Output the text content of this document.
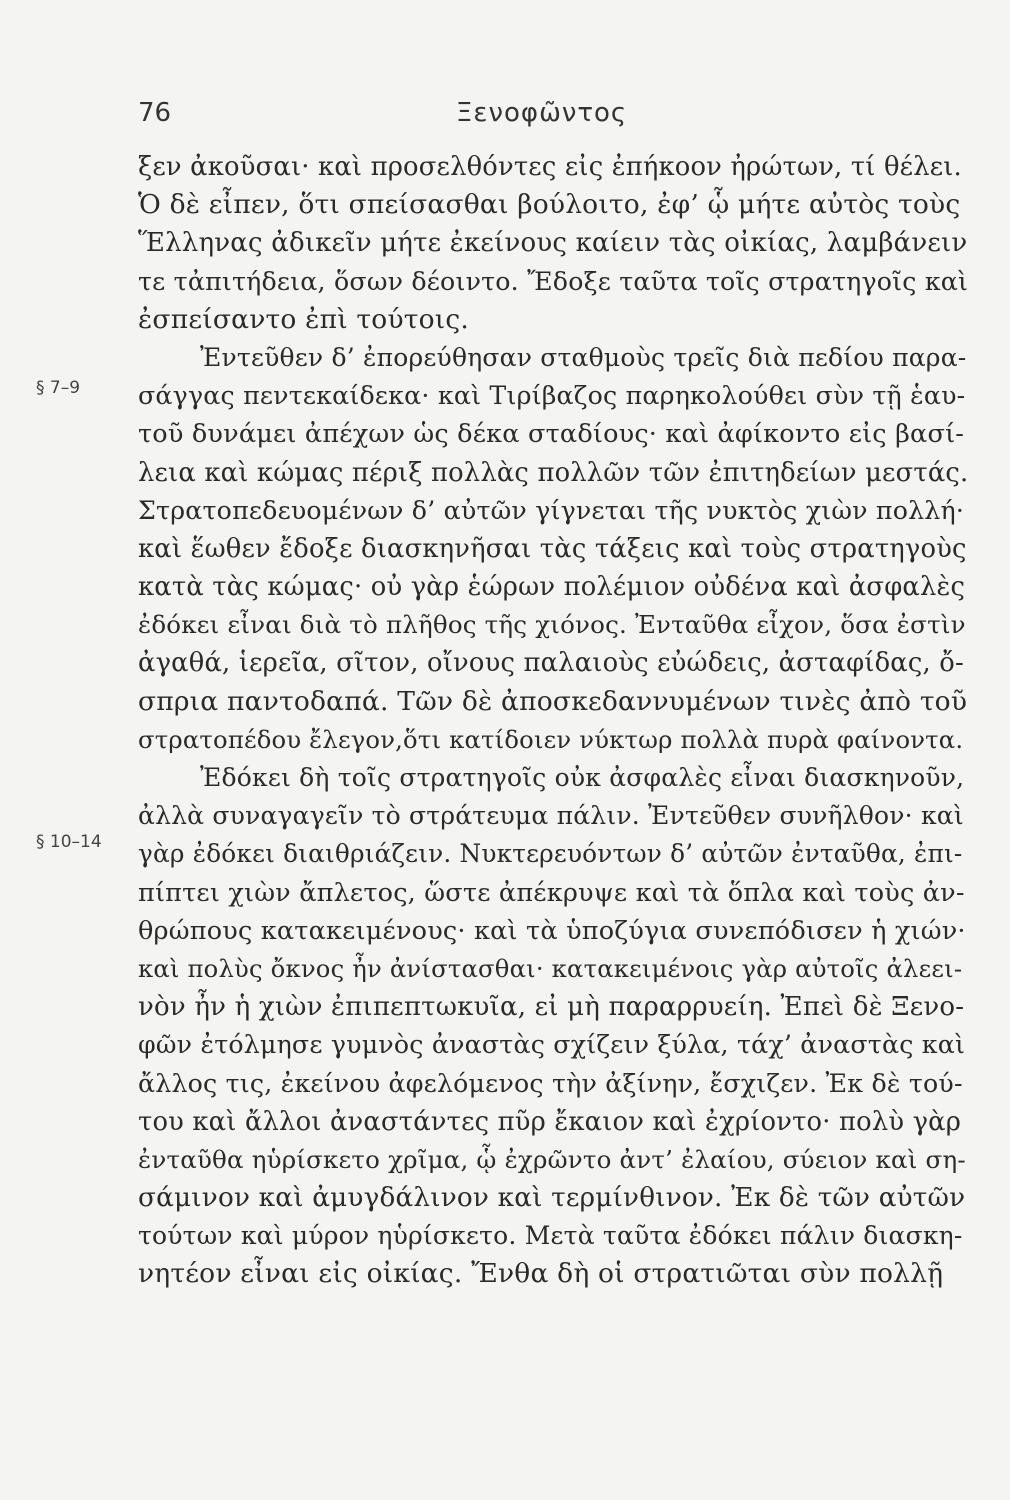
76	Ξενοφῶντος
§ 7–9
§ 10–14
ξεν ἀκοῦσαι· καὶ προσελθόντες εἰς ἐπήκοον ἠρώτων, τί θέλει.
Ὁ δὲ εἶπεν, ὅτι σπείσασθαι βούλοιτο, ἐφ’ ᾧ μήτε αὐτὸς τοὺς
Ἕλληνας ἀδικεῖν μήτε ἐκείνους καίειν τὰς οἰκίας, λαμβάνειν
τε τἀπιτήδεια, ὅσων δέοιντο. Ἔδοξε ταῦτα τοῖς στρατηγοῖς καὶ
ἐσπείσαντο ἐπὶ τούτοις.
Ἐντεῦθεν δ’ ἐπορεύθησαν σταθμοὺς τρεῖς διὰ πεδίου παρα-
σάγγας πεντεκαίδεκα· καὶ Τιρίβαζος παρηκολούθει σὺν τῇ ἑαυ-
τοῦ δυνάμει ἀπέχων ὡς δέκα σταδίους· καὶ ἀφίκοντο εἰς βασί-
λεια καὶ κώμας πέριξ πολλὰς πολλῶν τῶν ἐπιτηδείων μεστάς.
Στρατοπεδευομένων δ’ αὐτῶν γίγνεται τῆς νυκτὸς χιὼν πολλή·
καὶ ἕωθεν ἔδοξε διασκηνῆσαι τὰς τάξεις καὶ τοὺς στρατηγοὺς
κατὰ τὰς κώμας· οὐ γὰρ ἑώρων πολέμιον οὐδένα καὶ ἀσφαλὲς
ἐδόκει εἶναι διὰ τὸ πλῆθος τῆς χιόνος. Ἐνταῦθα εἶχον, ὅσα ἐστὶν
ἀγαθά, ἱερεῖα, σῖτον, οἴνους παλαιοὺς εὐώδεις, ἀσταφίδας, ὄ-
σπρια παντοδαπά. Τῶν δὲ ἀποσκεδαννυμένων τινὲς ἀπὸ τοῦ
στρατοπέδου ἔλεγον,ὅτι κατίδοιεν νύκτωρ πολλὰ πυρὰ φαίνοντα.
Ἐδόκει δὴ τοῖς στρατηγοῖς οὐκ ἀσφαλὲς εἶναι διασκηνοῦν,
ἀλλὰ συναγαγεῖν τὸ στράτευμα πάλιν. Ἐντεῦθεν συνῆλθον· καὶ
γὰρ ἐδόκει διαιθριάζειν. Νυκτερευόντων δ’ αὐτῶν ἐνταῦθα, ἐπι-
πίπτει χιὼν ἄπλετος, ὥστε ἀπέκρυψε καὶ τὰ ὅπλα καὶ τοὺς ἀν-
θρώπους κατακειμένους· καὶ τὰ ὑποζύγια συνεπόδισεν ἡ χιών·
καὶ πολὺς ὄκνος ἦν ἀνίστασθαι· κατακειμένοις γὰρ αὐτοῖς ἀλεει-
νὸν ἦν ἡ χιὼν ἐπιπεπτωκυῖα, εἰ μὴ παραρρυείη. Ἐπεὶ δὲ Ξενο-
φῶν ἐτόλμησε γυμνὸς ἀναστὰς σχίζειν ξύλα, τάχ’ ἀναστὰς καὶ
ἄλλος τις, ἐκείνου ἀφελόμενος τὴν ἀξίνην, ἔσχιζεν. Ἐκ δὲ τού-
του καὶ ἄλλοι ἀναστάντες πῦρ ἔκαιον καὶ ἐχρίοντο· πολὺ γὰρ
ἐνταῦθα ηὑρίσκετο χρῖμα, ᾧ ἐχρῶντο ἀντ’ ἐλαίου, σύειον καὶ ση-
σάμινον καὶ ἀμυγδάλινον καὶ τερμίνθινον. Ἐκ δὲ τῶν αὐτῶν
τούτων καὶ μύρον ηὑρίσκετο. Μετὰ ταῦτα ἐδόκει πάλιν διασκη-
νητέον εἶναι εἰς οἰκίας. Ἔνθα δὴ οἱ στρατιῶται σὺν πολλῇ
